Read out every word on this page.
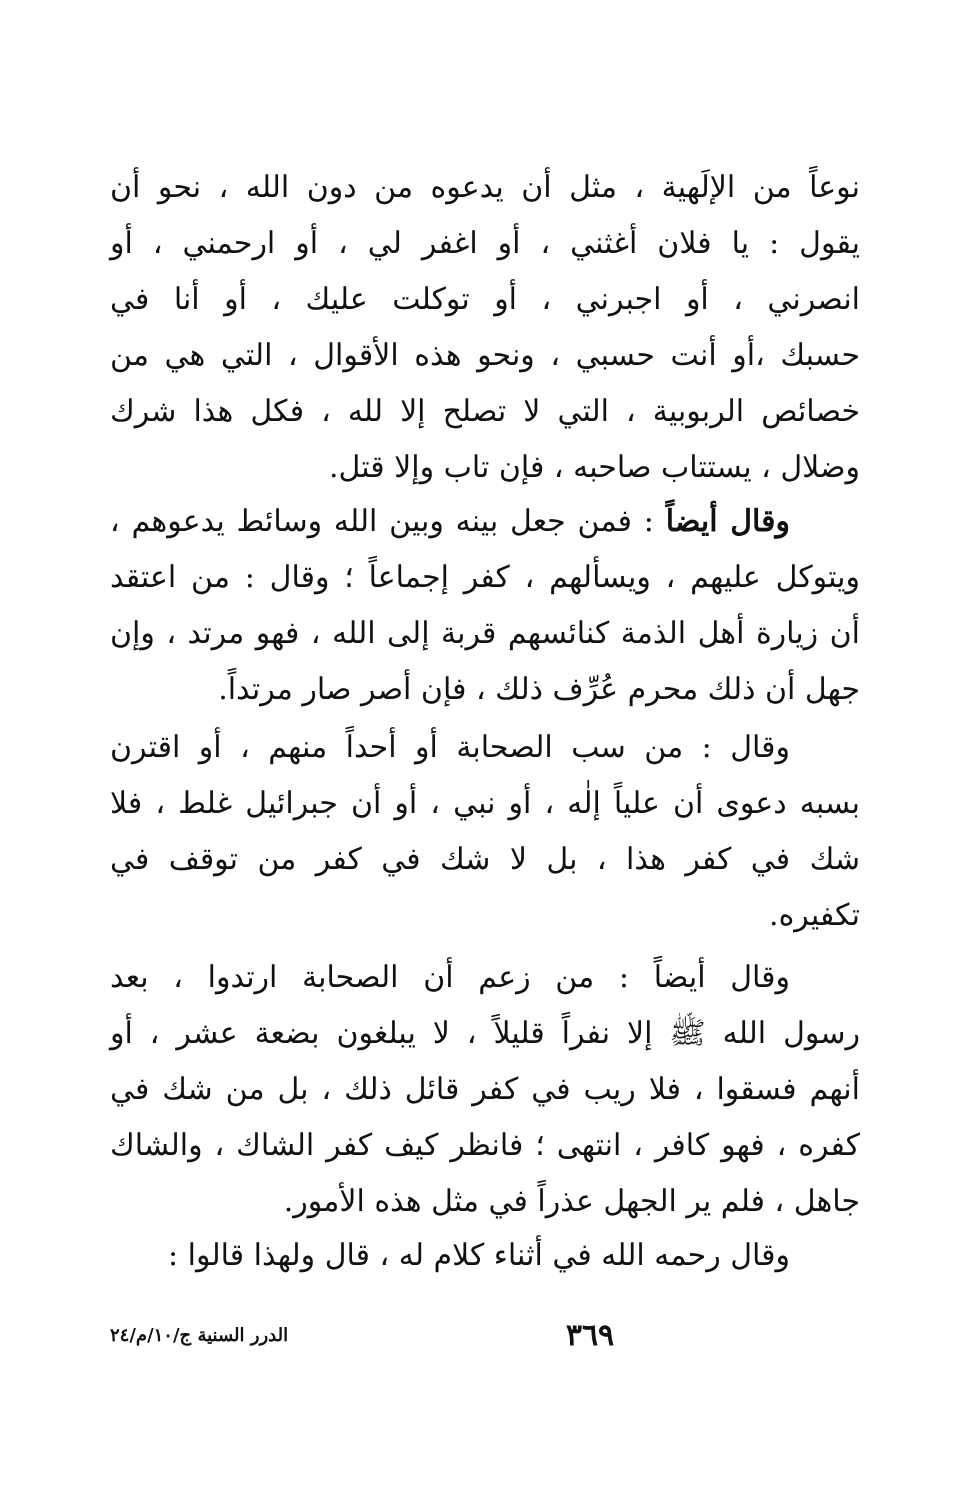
نوعاً من الإلَهية ، مثل أن يدعوه من دون الله ، نحو أن
يقول : يا فلان أغثني ، أو اغفر لي ، أو ارحمني ، أو
انصرني ، أو اجبرني ، أو توكلت عليك ، أو أنا في
حسبك ،أو أنت حسبي ، ونحو هذه الأقوال ، التي هي من
خصائص الربوبية ، التي لا تصلح إلا لله ، فكل هذا شرك
وضلال ، يستتاب صاحبه ، فإن تاب وإلا قتل.
وقال أيضاً : فمن جعل بينه وبين الله وسائط يدعوهم ،
ويتوكل عليهم ، ويسألهم ، كفر إجماعاً ؛ وقال : من اعتقد
أن زيارة أهل الذمة كنائسهم قربة إلى الله ، فهو مرتد ، وإن
جهل أن ذلك محرم عُرِّف ذلك ، فإن أصر صار مرتداً.
وقال : من سب الصحابة أو أحداً منهم ، أو اقترن
بسبه دعوى أن علياً إلٰه ، أو نبي ، أو أن جبرائيل غلط ، فلا
شك في كفر هذا ، بل لا شك في كفر من توقف في
تكفيره.
وقال أيضاً : من زعم أن الصحابة ارتدوا ، بعد
رسول الله ﷺ إلا نفراً قليلاً ، لا يبلغون بضعة عشر ، أو
أنهم فسقوا ، فلا ريب في كفر قائل ذلك ، بل من شك في
كفره ، فهو كافر ، انتهى ؛ فانظر كيف كفر الشاك ، والشاك
جاهل ، فلم ير الجهل عذراً في مثل هذه الأمور.
وقال رحمه الله في أثناء كلام له ، قال ولهذا قالوا :
٣٦٩
الدرر السنية ج/١٠/م/٢٤
